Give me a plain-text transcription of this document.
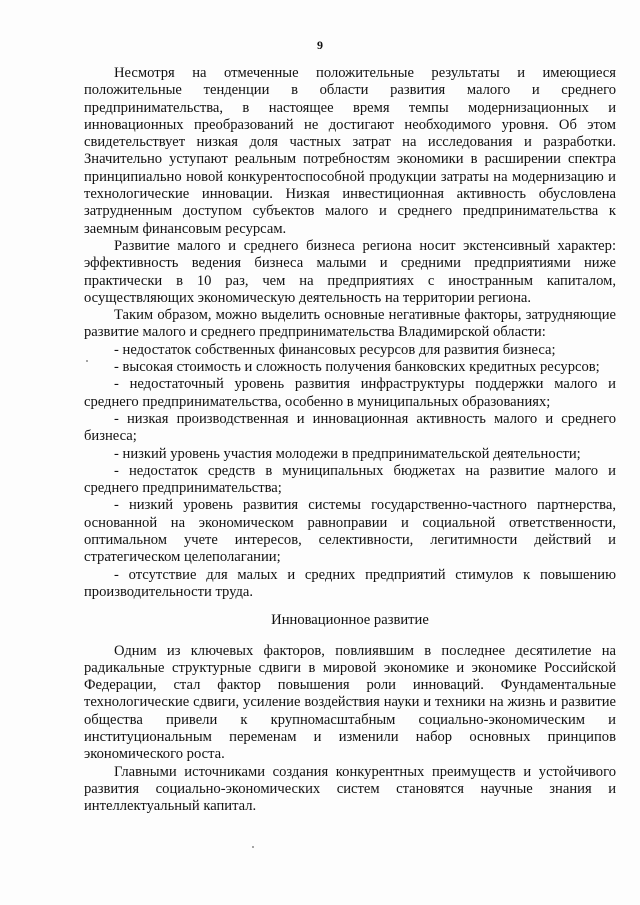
9

Несмотря на отмеченные положительные результаты и имеющиеся положительные тенденции в области развития малого и среднего предпринимательства, в настоящее время темпы модернизационных и инновационных преобразований не достигают необходимого уровня. Об этом свидетельствует низкая доля частных затрат на исследования и разработки. Значительно уступают реальным потребностям экономики в расширении спектра принципиально новой конкурентоспособной продукции затраты на модернизацию и технологические инновации. Низкая инвестиционная активность обусловлена затрудненным доступом субъектов малого и среднего предпринимательства к заемным финансовым ресурсам.

Развитие малого и среднего бизнеса региона носит экстенсивный характер: эффективность ведения бизнеса малыми и средними предприятиями ниже практически в 10 раз, чем на предприятиях с иностранным капиталом, осуществляющих экономическую деятельность на территории региона.

Таким образом, можно выделить основные негативные факторы, затрудняющие развитие малого и среднего предпринимательства Владимирской области:

- недостаток собственных финансовых ресурсов для развития бизнеса;

- высокая стоимость и сложность получения банковских кредитных ресурсов;

- недостаточный уровень развития инфраструктуры поддержки малого и среднего предпринимательства, особенно в муниципальных образованиях;

- низкая производственная и инновационная активность малого и среднего бизнеса;

- низкий уровень участия молодежи в предпринимательской деятельности;

- недостаток средств в муниципальных бюджетах на развитие малого и среднего предпринимательства;

- низкий уровень развития системы государственно-частного партнерства, основанной на экономическом равноправии и социальной ответственности, оптимальном учете интересов, селективности, легитимности действий и стратегическом целеполагании;

- отсутствие для малых и средних предприятий стимулов к повышению производительности труда.

Инновационное развитие

Одним из ключевых факторов, повлиявшим в последнее десятилетие на радикальные структурные сдвиги в мировой экономике и экономике Российской Федерации, стал фактор повышения роли инноваций. Фундаментальные технологические сдвиги, усиление воздействия науки и техники на жизнь и развитие общества привели к крупномасштабным социально-экономическим и институциональным переменам и изменили набор основных принципов экономического роста.

Главными источниками создания конкурентных преимуществ и устойчивого развития социально-экономических систем становятся научные знания и интеллектуальный капитал.
